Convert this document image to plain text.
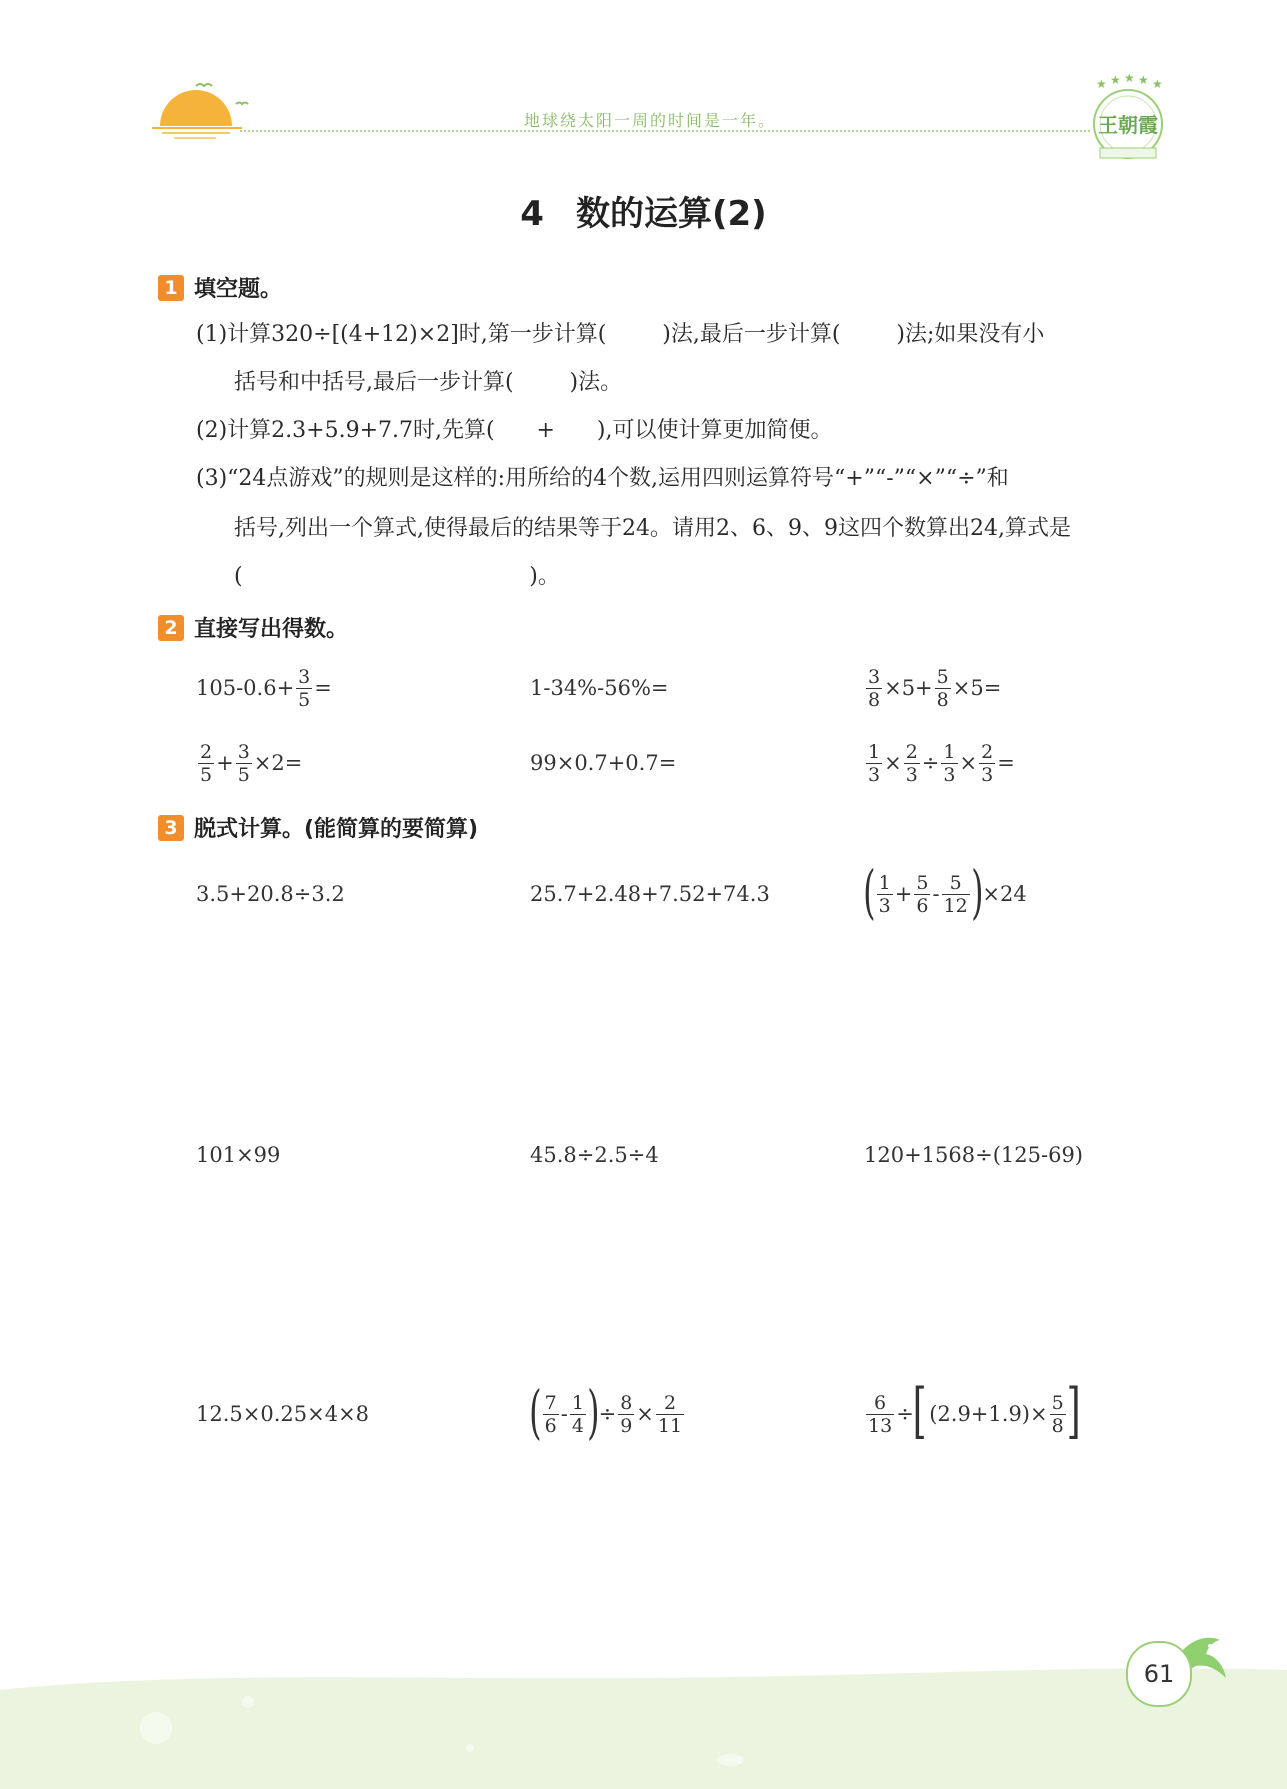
地球绕太阳一周的时间是一年。
★ ★ ★ ★ ★
王朝霞
4 数的运算(2)
1 填空题。
(1)计算320÷[(4+12)×2]时,第一步计算(        )法,最后一步计算(        )法;如果没有小
括号和中括号,最后一步计算(        )法。
(2)计算2.3+5.9+7.7时,先算(      +      ),可以使计算更加简便。
(3)“24点游戏”的规则是这样的:用所给的4个数,运用四则运算符号“+”“-”“×”“÷”和
括号,列出一个算式,使得最后的结果等于24。请用2、6、9、9这四个数算出24,算式是
(                                         )。
2 直接写出得数。
$105-0.6+ \frac{3}{5}$ =	1-34%-56%=	$\frac{3}{8} \times 5+ \frac{5}{8} \times 5=$
$\frac{2}{5} + \frac{3}{5} \times 2=$	99×0.7+0.7=	$\frac{1}{3} \times \frac{2}{3} \div \frac{1}{3} \times \frac{2}{3}$ =
3 脱式计算。(能简算的要简算)
3.5+20.8÷3.2	25.7+2.48+7.52+74.3 ( $\frac{1}{3} + \frac{5}{6} - \frac{5}{12}$ ) ×24
101×99	45.8÷2.5÷4	120+1568÷(125-69)
12.5×0.25×4×8	( $\frac{7}{6} - \frac{1}{4}$ ) ÷ $\frac{8}{9} \times \frac{2}{11}$	$\frac{6}{13}$ ÷
[ $(2.9+1.9)\times \frac{5}{8}$ ]
61
